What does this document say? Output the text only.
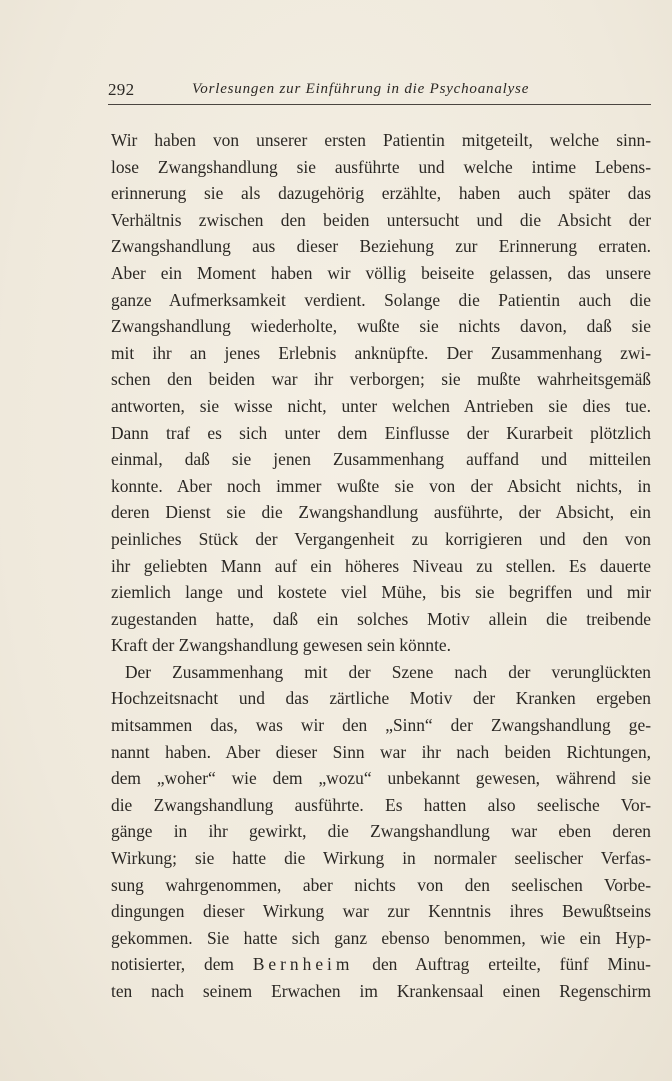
292	Vorlesungen zur Einführung in die Psychoanalyse
Wir haben von unserer ersten Patientin mitgeteilt, welche sinn-
lose Zwangshandlung sie ausführte und welche intime Lebens-
erinnerung sie als dazugehörig erzählte, haben auch später das
Verhältnis zwischen den beiden untersucht und die Absicht der
Zwangshandlung aus dieser Beziehung zur Erinnerung erraten.
Aber ein Moment haben wir völlig beiseite gelassen, das unsere
ganze Aufmerksamkeit verdient. Solange die Patientin auch die
Zwangshandlung wiederholte, wußte sie nichts davon, daß sie
mit ihr an jenes Erlebnis anknüpfte. Der Zusammenhang zwi-
schen den beiden war ihr verborgen; sie mußte wahrheitsgemäß
antworten, sie wisse nicht, unter welchen Antrieben sie dies tue.
Dann traf es sich unter dem Einflusse der Kurarbeit plötzlich
einmal, daß sie jenen Zusammenhang auffand und mitteilen
konnte. Aber noch immer wußte sie von der Absicht nichts, in
deren Dienst sie die Zwangshandlung ausführte, der Absicht, ein
peinliches Stück der Vergangenheit zu korrigieren und den von
ihr geliebten Mann auf ein höheres Niveau zu stellen. Es dauerte
ziemlich lange und kostete viel Mühe, bis sie begriffen und mir
zugestanden hatte, daß ein solches Motiv allein die treibende
Kraft der Zwangshandlung gewesen sein könnte.
Der Zusammenhang mit der Szene nach der verunglückten
Hochzeitsnacht und das zärtliche Motiv der Kranken ergeben
mitsammen das, was wir den „Sinn“ der Zwangshandlung ge-
nannt haben. Aber dieser Sinn war ihr nach beiden Richtungen,
dem „woher“ wie dem „wozu“ unbekannt gewesen, während sie
die Zwangshandlung ausführte. Es hatten also seelische Vor-
gänge in ihr gewirkt, die Zwangshandlung war eben deren
Wirkung; sie hatte die Wirkung in normaler seelischer Verfas-
sung wahrgenommen, aber nichts von den seelischen Vorbe-
dingungen dieser Wirkung war zur Kenntnis ihres Bewußtseins
gekommen. Sie hatte sich ganz ebenso benommen, wie ein Hyp-
notisierter, dem Bernheim den Auftrag erteilte, fünf Minu-
ten nach seinem Erwachen im Krankensaal einen Regenschirm
